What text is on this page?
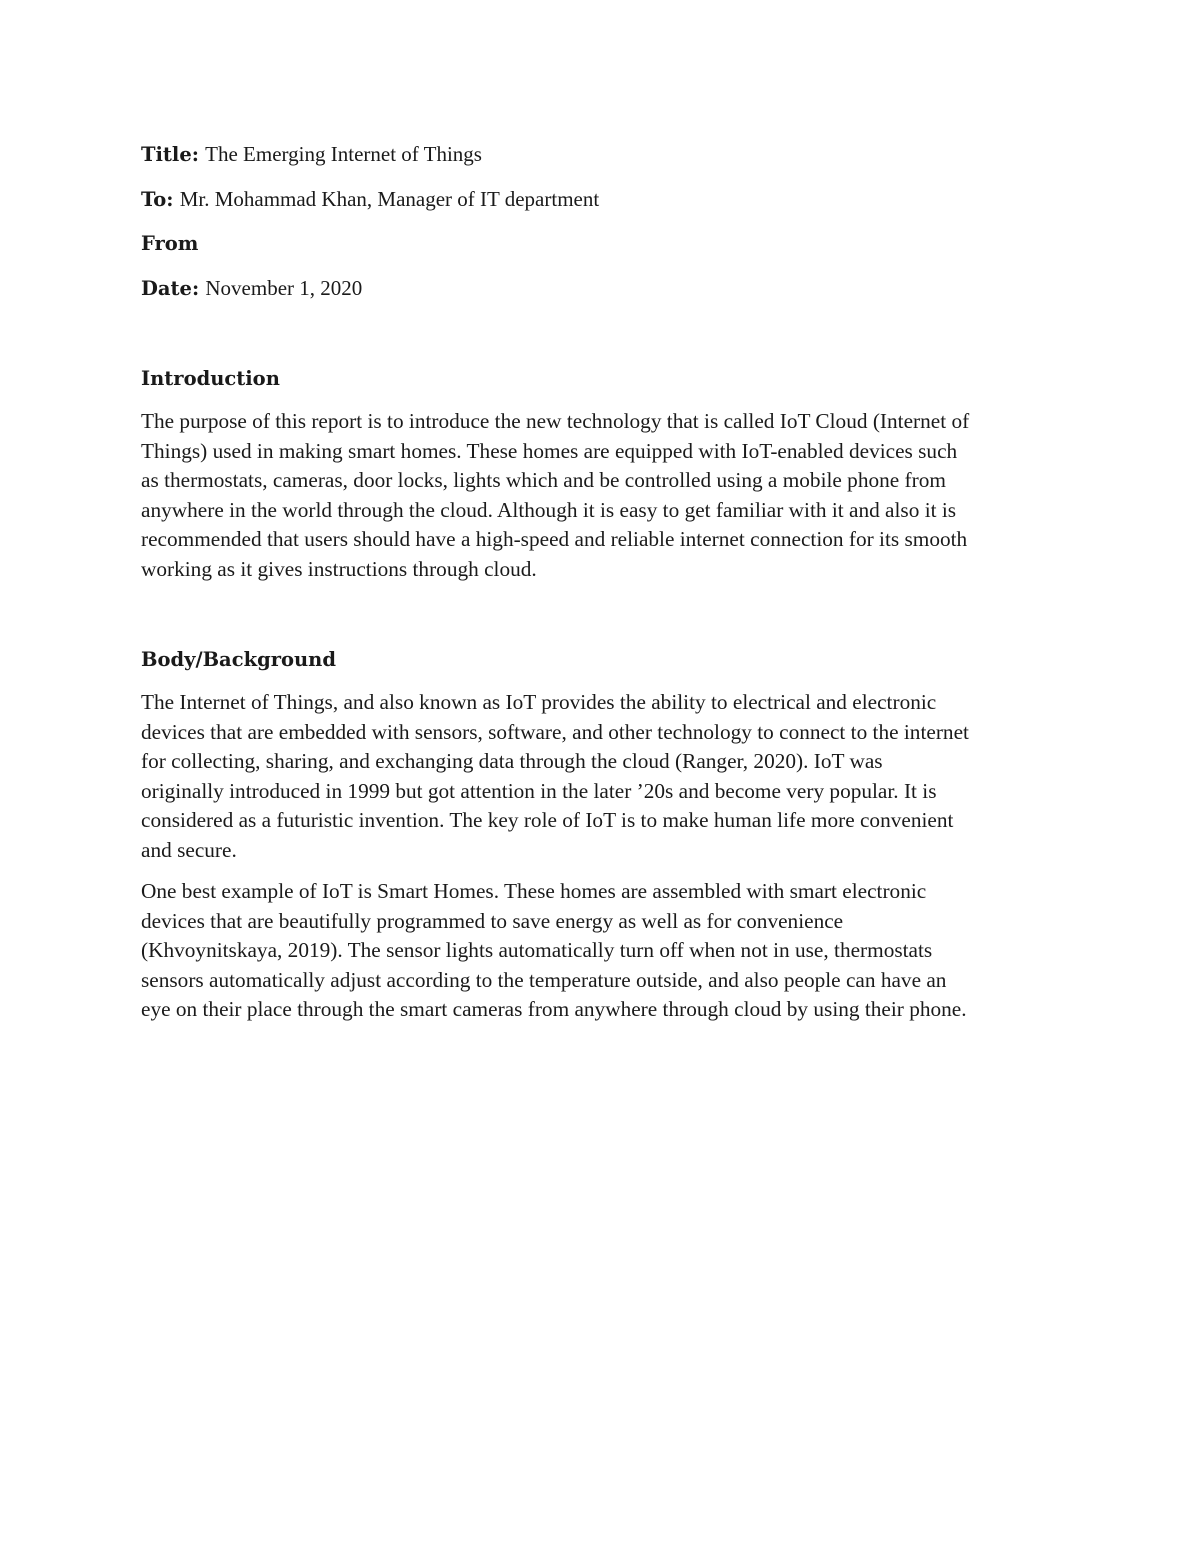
Title: The Emerging Internet of Things
To: Mr. Mohammad Khan, Manager of IT department
From
Date: November 1, 2020
Introduction
The purpose of this report is to introduce the new technology that is called IoT Cloud (Internet of
Things) used in making smart homes. These homes are equipped with IoT-enabled devices such
as thermostats, cameras, door locks, lights which and be controlled using a mobile phone from
anywhere in the world through the cloud. Although it is easy to get familiar with it and also it is
recommended that users should have a high-speed and reliable internet connection for its smooth
working as it gives instructions through cloud.
Body/Background
The Internet of Things, and also known as IoT provides the ability to electrical and electronic
devices that are embedded with sensors, software, and other technology to connect to the internet
for collecting, sharing, and exchanging data through the cloud (Ranger, 2020). IoT was
originally introduced in 1999 but got attention in the later ’20s and become very popular. It is
considered as a futuristic invention. The key role of IoT is to make human life more convenient
and secure.
One best example of IoT is Smart Homes. These homes are assembled with smart electronic
devices that are beautifully programmed to save energy as well as for convenience
(Khvoynitskaya, 2019). The sensor lights automatically turn off when not in use, thermostats
sensors automatically adjust according to the temperature outside, and also people can have an
eye on their place through the smart cameras from anywhere through cloud by using their phone.
